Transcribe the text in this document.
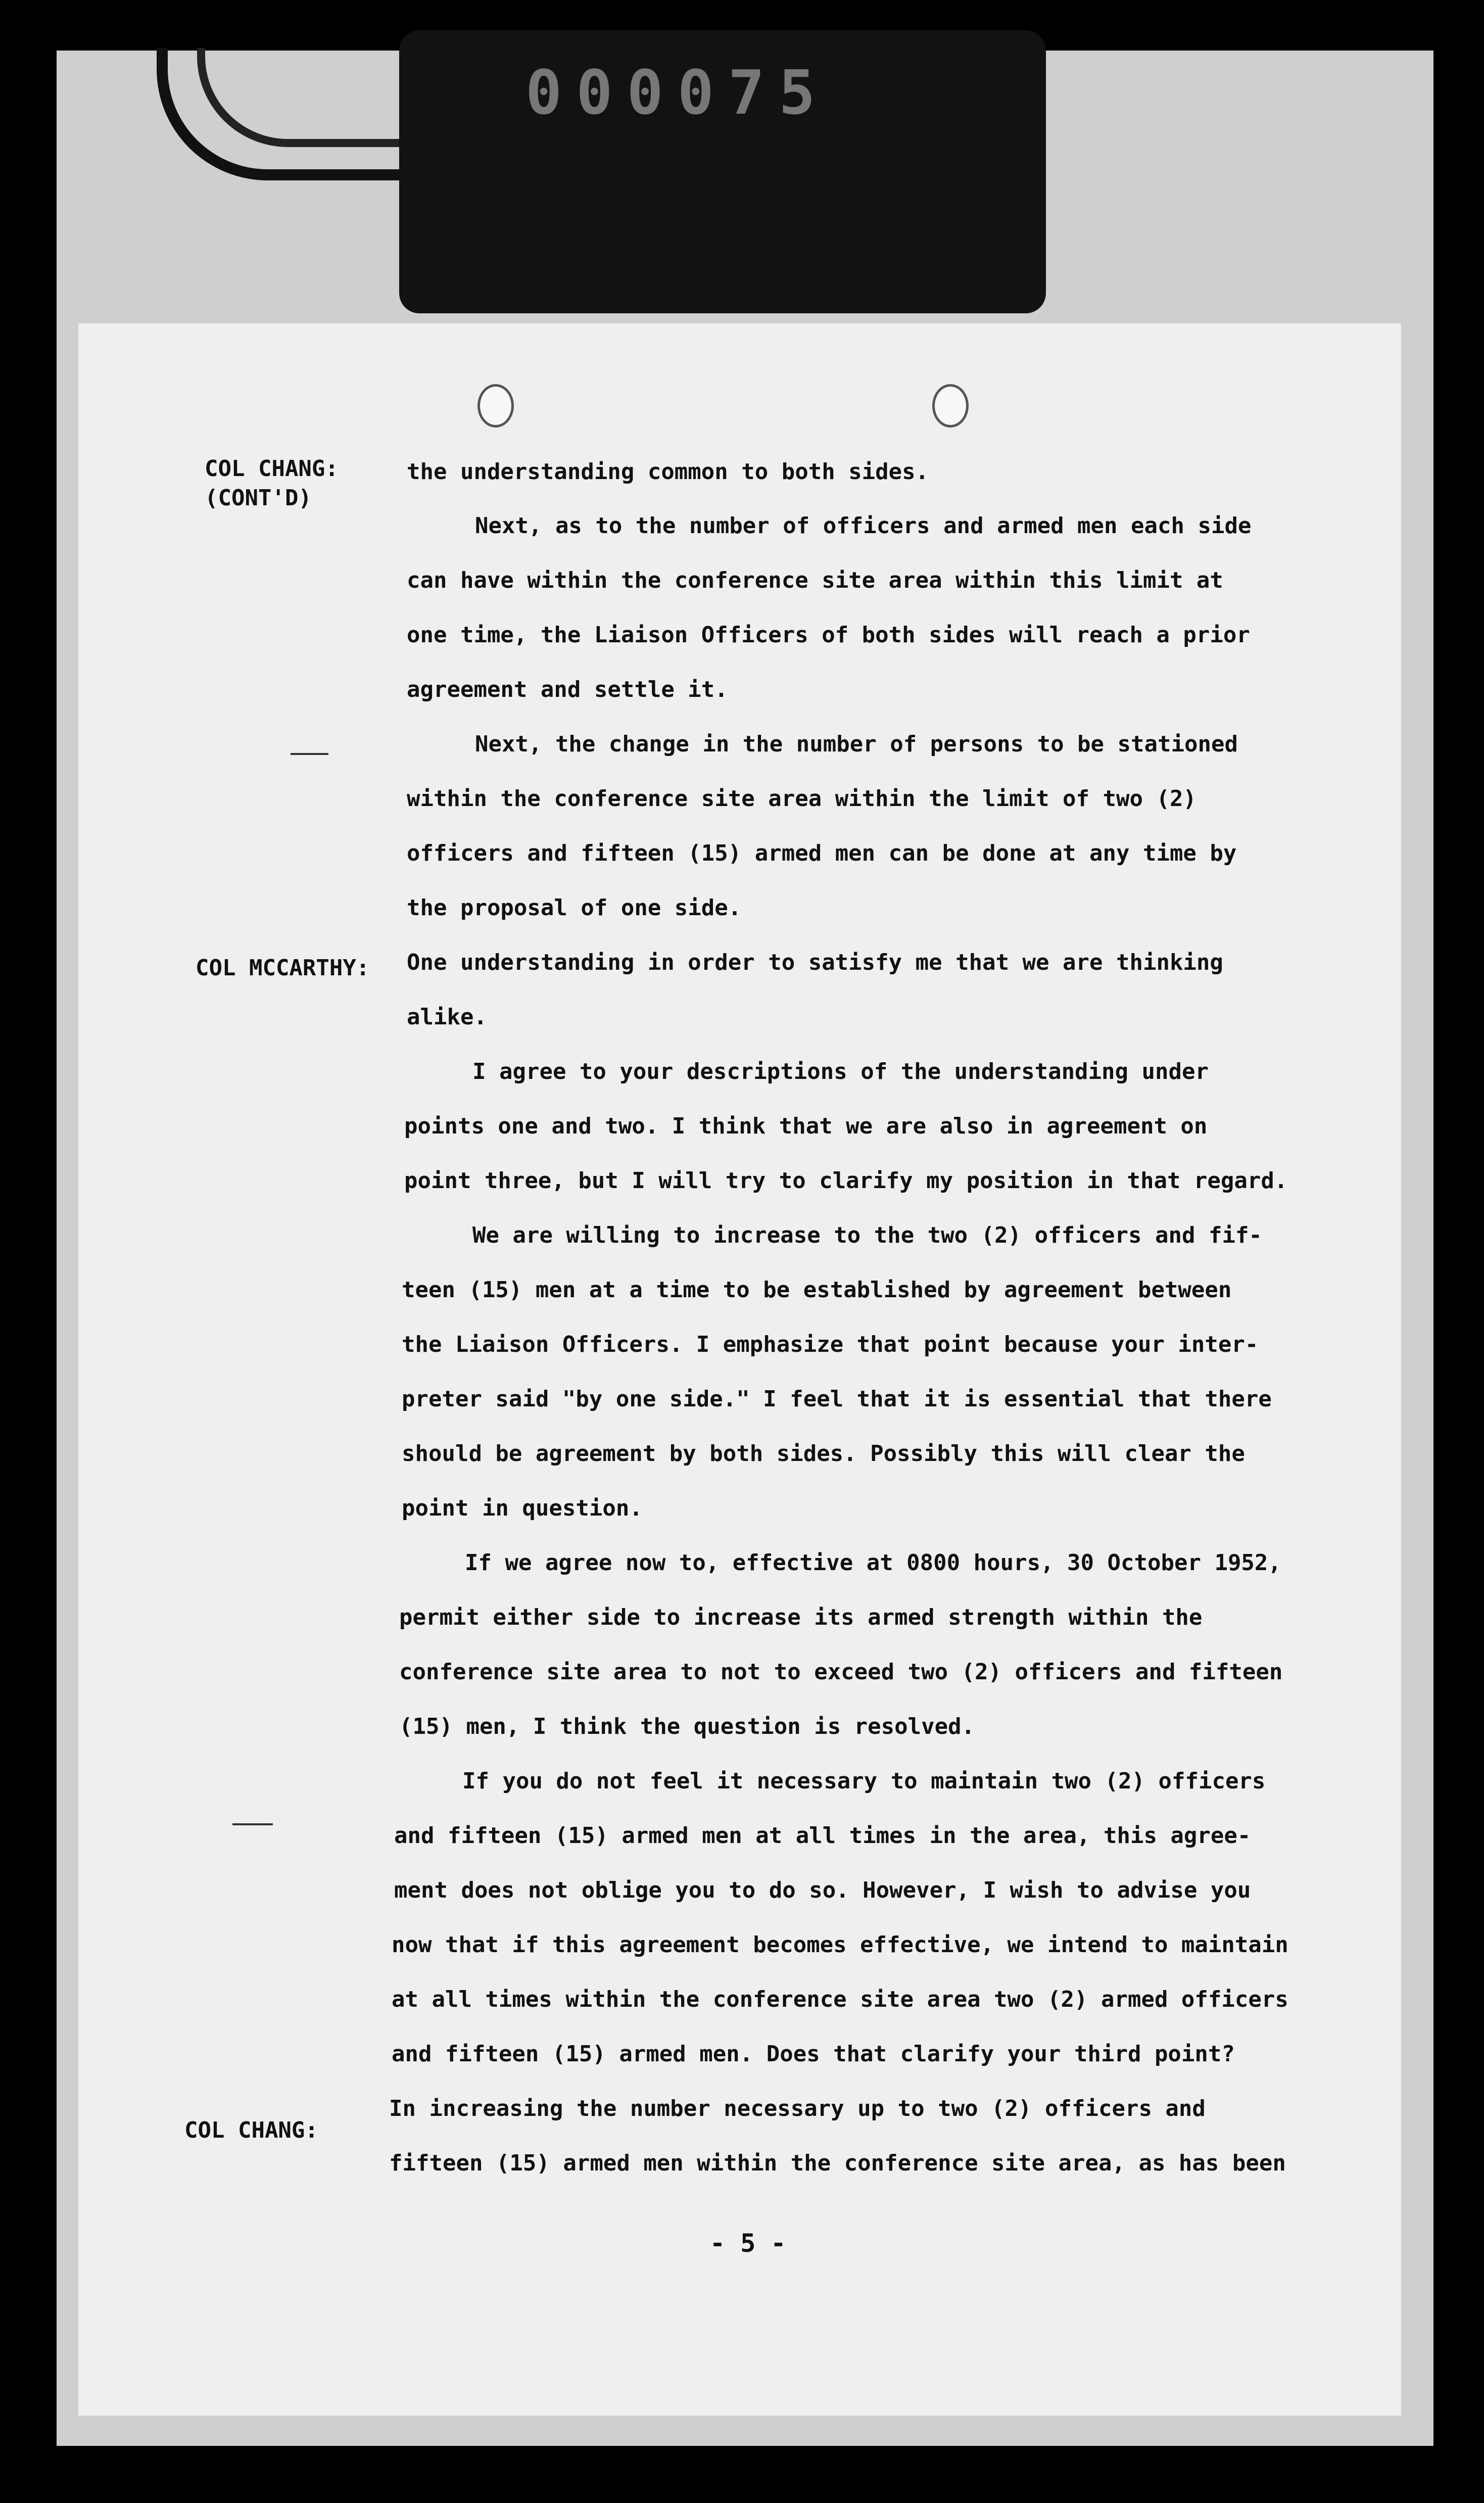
000075
COL CHANG:
(CONT'D)
COL MCCARTHY:
COL CHANG:
the understanding common to both sides.
Next, as to the number of officers and armed men each side
can have within the conference site area within this limit at
one time, the Liaison Officers of both sides will reach a prior
agreement and settle it.
Next, the change in the number of persons to be stationed
within the conference site area within the limit of two (2)
officers and fifteen (15) armed men can be done at any time by
the proposal of one side.
One understanding in order to satisfy me that we are thinking
alike.
I agree to your descriptions of the understanding under
points one and two. I think that we are also in agreement on
point three, but I will try to clarify my position in that regard.
We are willing to increase to the two (2) officers and fif-
teen (15) men at a time to be established by agreement between
the Liaison Officers. I emphasize that point because your inter-
preter said "by one side." I feel that it is essential that there
should be agreement by both sides. Possibly this will clear the
point in question.
If we agree now to, effective at 0800 hours, 30 October 1952,
permit either side to increase its armed strength within the
conference site area to not to exceed two (2) officers and fifteen
(15) men, I think the question is resolved.
If you do not feel it necessary to maintain two (2) officers
and fifteen (15) armed men at all times in the area, this agree-
ment does not oblige you to do so. However, I wish to advise you
now that if this agreement becomes effective, we intend to maintain
at all times within the conference site area two (2) armed officers
and fifteen (15) armed men. Does that clarify your third point?
In increasing the number necessary up to two (2) officers and
fifteen (15) armed men within the conference site area, as has been
- 5 -
